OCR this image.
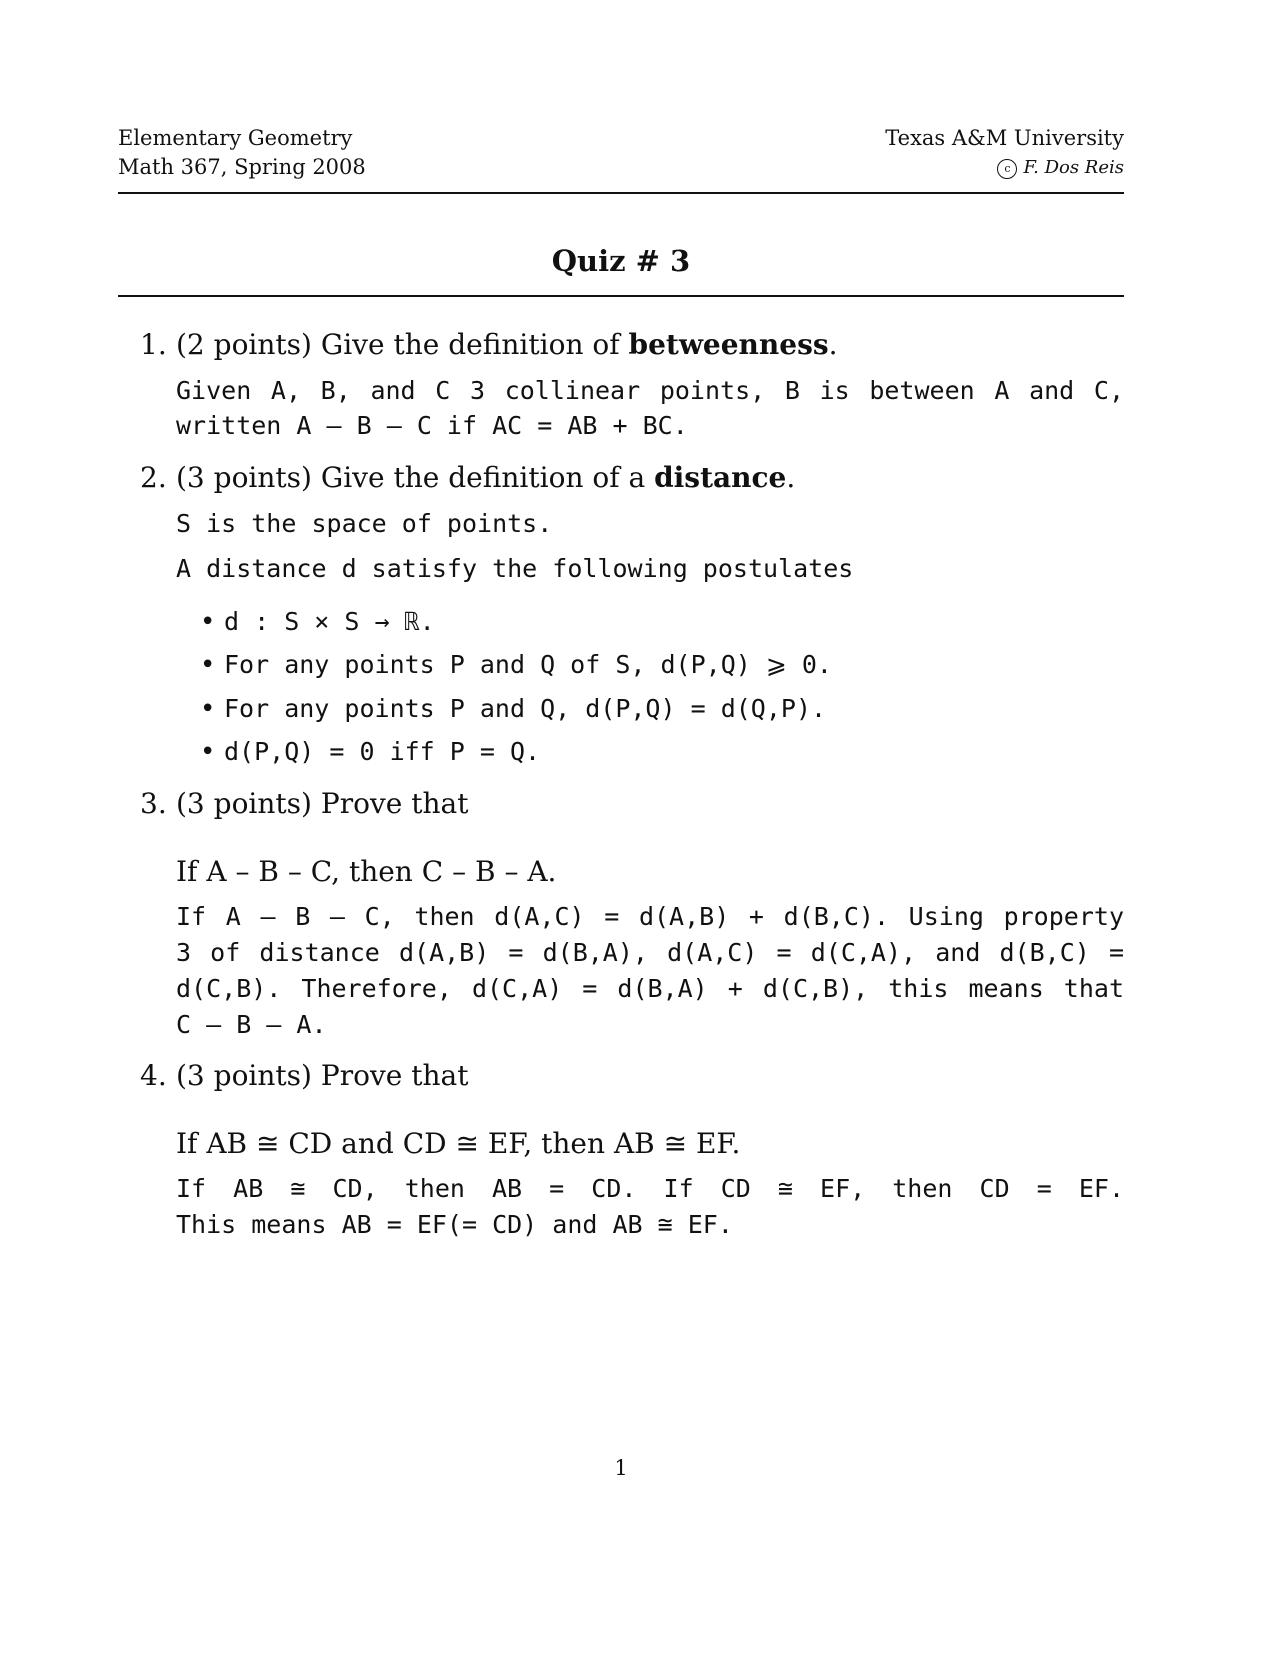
Elementary Geometry
Math 367, Spring 2008
Texas A&M University
c F. Dos Reis
Quiz # 3
1. (2 points) Give the definition of betweenness.
Given A, B, and C 3 collinear points, B is between A and C,
written A – B – C if AC = AB + BC.
2. (3 points) Give the definition of a distance.
S is the space of points.
A distance d satisfy the following postulates
• d : S × S → ℝ.
• For any points P and Q of S, d(P,Q) ⩾ 0.
• For any points P and Q, d(P,Q) = d(Q,P).
• d(P,Q) = 0 iff P = Q.
3. (3 points) Prove that
If A – B – C, then C – B – A.
If A – B – C, then d(A,C) = d(A,B) + d(B,C). Using property
3 of distance d(A,B) = d(B,A), d(A,C) = d(C,A), and d(B,C) =
d(C,B). Therefore, d(C,A) = d(B,A) + d(C,B), this means that
C – B – A.
4. (3 points) Prove that
If AB ≅ CD and CD ≅ EF, then AB ≅ EF.
If AB ≅ CD, then AB = CD. If CD ≅ EF, then CD = EF.
This means AB = EF(= CD) and AB ≅ EF.
1
